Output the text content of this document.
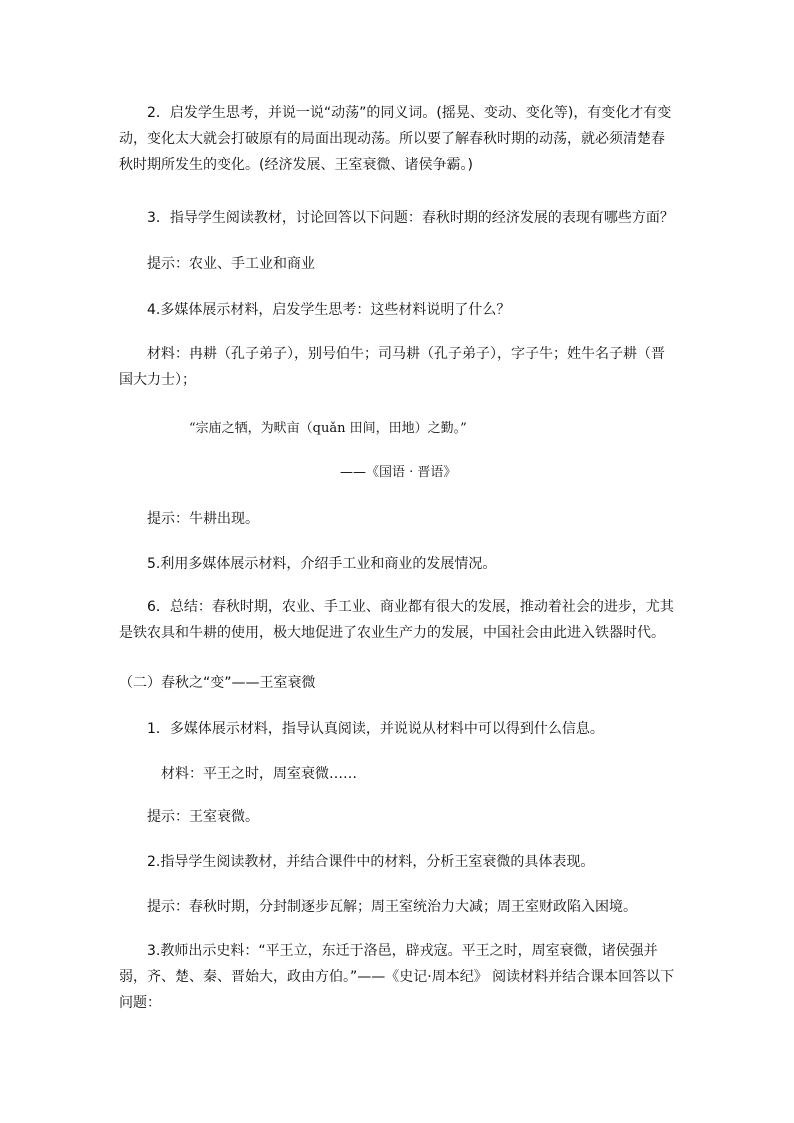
2．启发学生思考，并说一说“动荡”的同义词。(摇晃、变动、变化等)，有变化才有变动，变化太大就会打破原有的局面出现动荡。所以要了解春秋时期的动荡，就必须清楚春秋时期所发生的变化。(经济发展、王室衰微、诸侯争霸。)

3．指导学生阅读教材，讨论回答以下问题：春秋时期的经济发展的表现有哪些方面？

提示：农业、手工业和商业

4.多媒体展示材料，启发学生思考：这些材料说明了什么？

材料：冉耕（孔子弟子），别号伯牛；司马耕（孔子弟子），字子牛；姓牛名子耕（晋国大力士）；

“宗庙之牺，为畎亩（quǎn 田间，田地）之勤。”

——《国语 · 晋语》

提示：牛耕出现。

5.利用多媒体展示材料，介绍手工业和商业的发展情况。

6．总结：春秋时期，农业、手工业、商业都有很大的发展，推动着社会的进步，尤其是铁农具和牛耕的使用，极大地促进了农业生产力的发展，中国社会由此进入铁器时代。

（二）春秋之“变”——王室衰微

1．多媒体展示材料，指导认真阅读，并说说从材料中可以得到什么信息。

材料：平王之时，周室衰微……

提示：王室衰微。

2.指导学生阅读教材，并结合课件中的材料，分析王室衰微的具体表现。

提示：春秋时期，分封制逐步瓦解；周王室统治力大减；周王室财政陷入困境。

3.教师出示史料：“平王立，东迁于洛邑，辟戎寇。平王之时，周室衰微，诸侯强并弱，齐、楚、秦、晋始大，政由方伯。”——《史记·周本纪》 阅读材料并结合课本回答以下问题：
